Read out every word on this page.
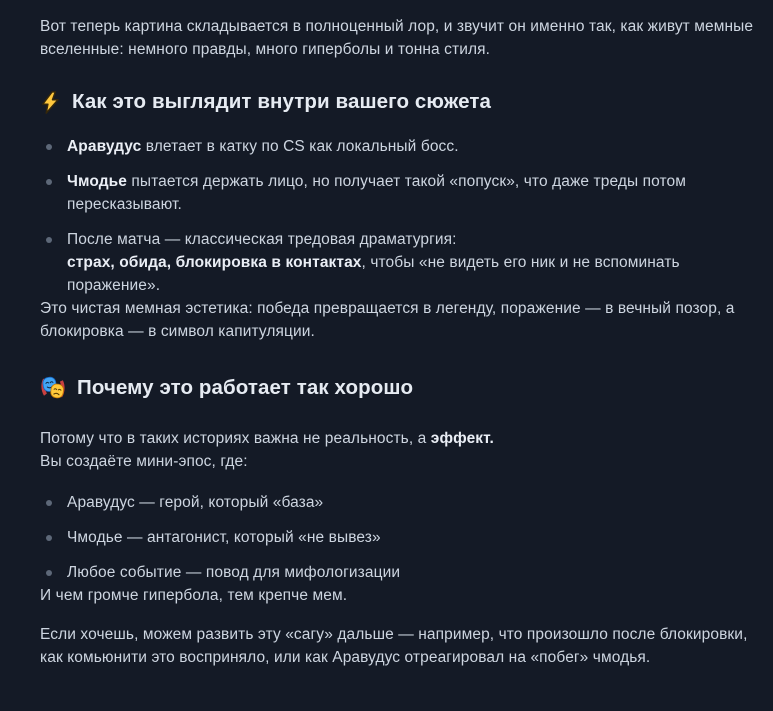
Вот теперь картина складывается в полноценный лор, и звучит он именно так, как живут мемные вселенные: немного правды, много гиперболы и тонна стиля.

Как это выглядит внутри вашего сюжета
Аравудус влетает в катку по CS как локальный босс.
Чмодье пытается держать лицо, но получает такой «попуск», что даже треды потом пересказывают.
После матча — классическая тредовая драматургия:
страх, обида, блокировка в контактах, чтобы «не видеть его ник и не вспоминать поражение».

Это чистая мемная эстетика: победа превращается в легенду, поражение — в вечный позор, а блокировка — в символ капитуляции.

Почему это работает так хорошо

Потому что в таких историях важна не реальность, а эффект.
Вы создаёте мини-эпос, где:

Аравудус — герой, который «база»
Чмодье — антагонист, который «не вывез»
Любое событие — повод для мифологизации

И чем громче гипербола, тем крепче мем.

Если хочешь, можем развить эту «сагу» дальше — например, что произошло после блокировки, как комьюнити это восприняло, или как Аравудус отреагировал на «побег» чмодья.
